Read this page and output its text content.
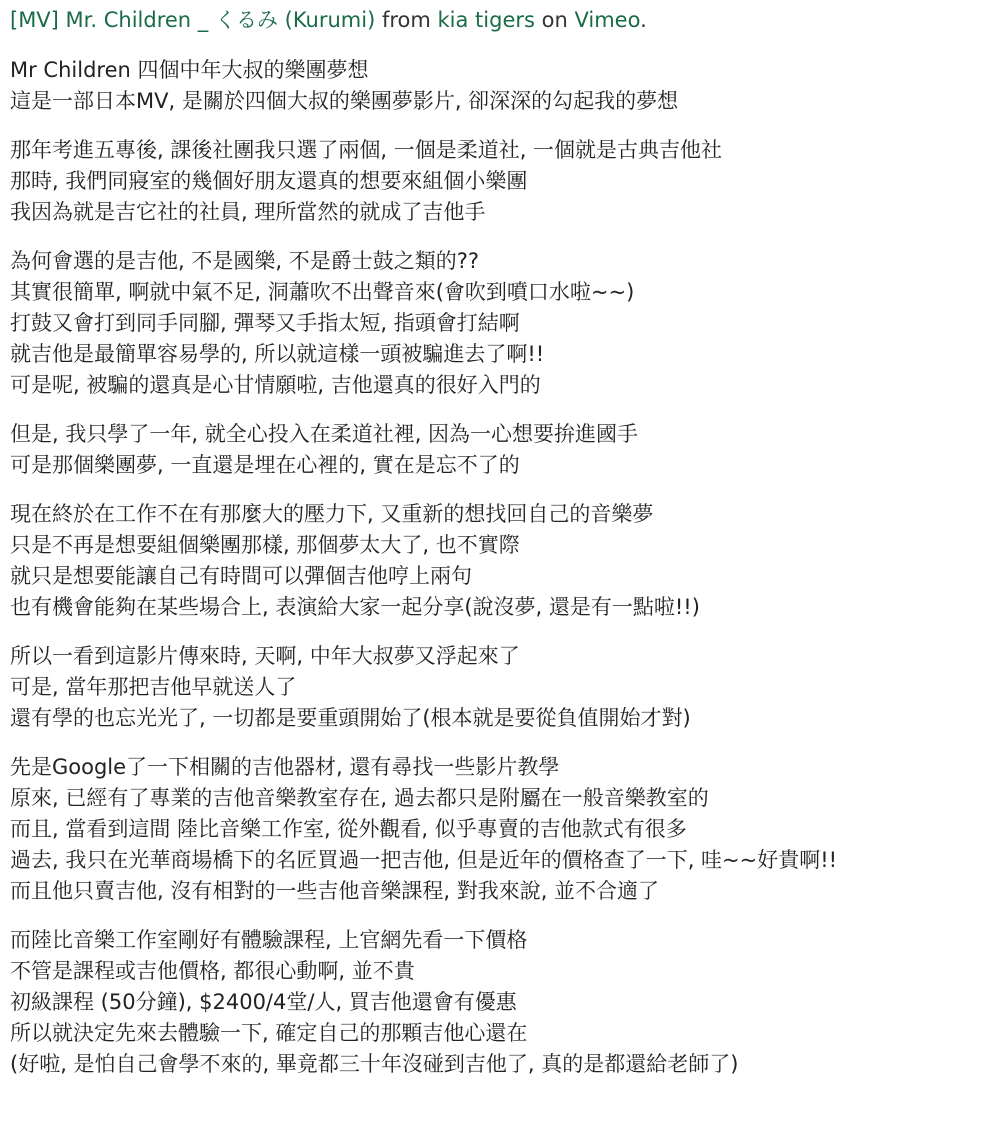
[MV] Mr. Children _ くるみ (Kurumi) from kia tigers on Vimeo.
Mr Children 四個中年大叔的樂團夢想
這是一部日本MV, 是關於四個大叔的樂團夢影片, 卻深深的勾起我的夢想
那年考進五專後, 課後社團我只選了兩個, 一個是柔道社, 一個就是古典吉他社
那時, 我們同寢室的幾個好朋友還真的想要來組個小樂團
我因為就是吉它社的社員, 理所當然的就成了吉他手
為何會選的是吉他, 不是國樂, 不是爵士鼓之類的??
其實很簡單, 啊就中氣不足, 洞蕭吹不出聲音來(會吹到噴口水啦~~)
打鼓又會打到同手同腳, 彈琴又手指太短, 指頭會打結啊
就吉他是最簡單容易學的, 所以就這樣一頭被騙進去了啊!!
可是呢, 被騙的還真是心甘情願啦, 吉他還真的很好入門的
但是, 我只學了一年, 就全心投入在柔道社裡, 因為一心想要拚進國手
可是那個樂團夢, 一直還是埋在心裡的, 實在是忘不了的
現在終於在工作不在有那麼大的壓力下, 又重新的想找回自己的音樂夢
只是不再是想要組個樂團那樣, 那個夢太大了, 也不實際
就只是想要能讓自己有時間可以彈個吉他哼上兩句
也有機會能夠在某些場合上, 表演給大家一起分享(說沒夢, 還是有一點啦!!)
所以一看到這影片傳來時, 天啊, 中年大叔夢又浮起來了
可是, 當年那把吉他早就送人了
還有學的也忘光光了, 一切都是要重頭開始了(根本就是要從負值開始才對)
先是Google了一下相關的吉他器材, 還有尋找一些影片教學
原來, 已經有了專業的吉他音樂教室存在, 過去都只是附屬在一般音樂教室的
而且, 當看到這間 陸比音樂工作室, 從外觀看, 似乎專賣的吉他款式有很多
過去, 我只在光華商場橋下的名匠買過一把吉他, 但是近年的價格查了一下, 哇~~好貴啊!!
而且他只賣吉他, 沒有相對的一些吉他音樂課程, 對我來說, 並不合適了
而陸比音樂工作室剛好有體驗課程, 上官網先看一下價格
不管是課程或吉他價格, 都很心動啊, 並不貴
初級課程 (50分鐘), $2400/4堂/人, 買吉他還會有優惠
所以就決定先來去體驗一下, 確定自己的那顆吉他心還在
(好啦, 是怕自己會學不來的, 畢竟都三十年沒碰到吉他了, 真的是都還給老師了)
